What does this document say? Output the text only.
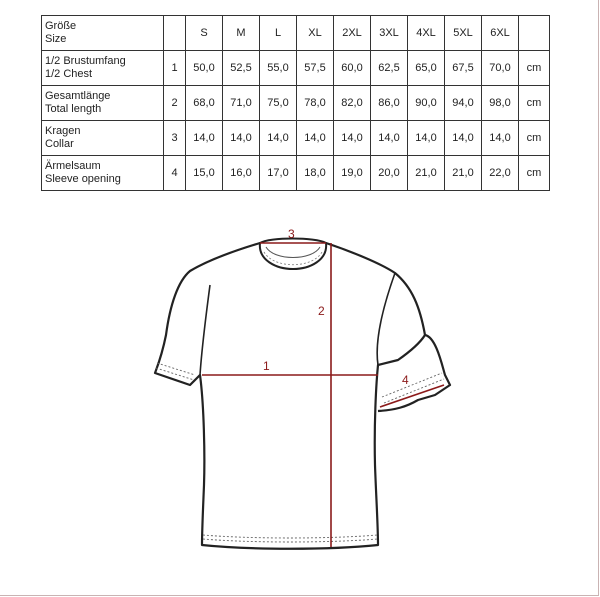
Größe
Size		S	M	L	XL	2XL	3XL	4XL	5XL	6XL	

1/2 Brustumfang
1/2 Chest	1	50,0	52,5	55,0	57,5	60,0	62,5	65,0	67,5	70,0	cm

Gesamtlänge
Total length	2	68,0	71,0	75,0	78,0	82,0	86,0	90,0	94,0	98,0	cm

Kragen
Collar	3	14,0	14,0	14,0	14,0	14,0	14,0	14,0	14,0	14,0	cm

Ärmelsaum
Sleeve opening	4	15,0	16,0	17,0	18,0	19,0	20,0	21,0	21,0	22,0	cm
3
2
1
4
